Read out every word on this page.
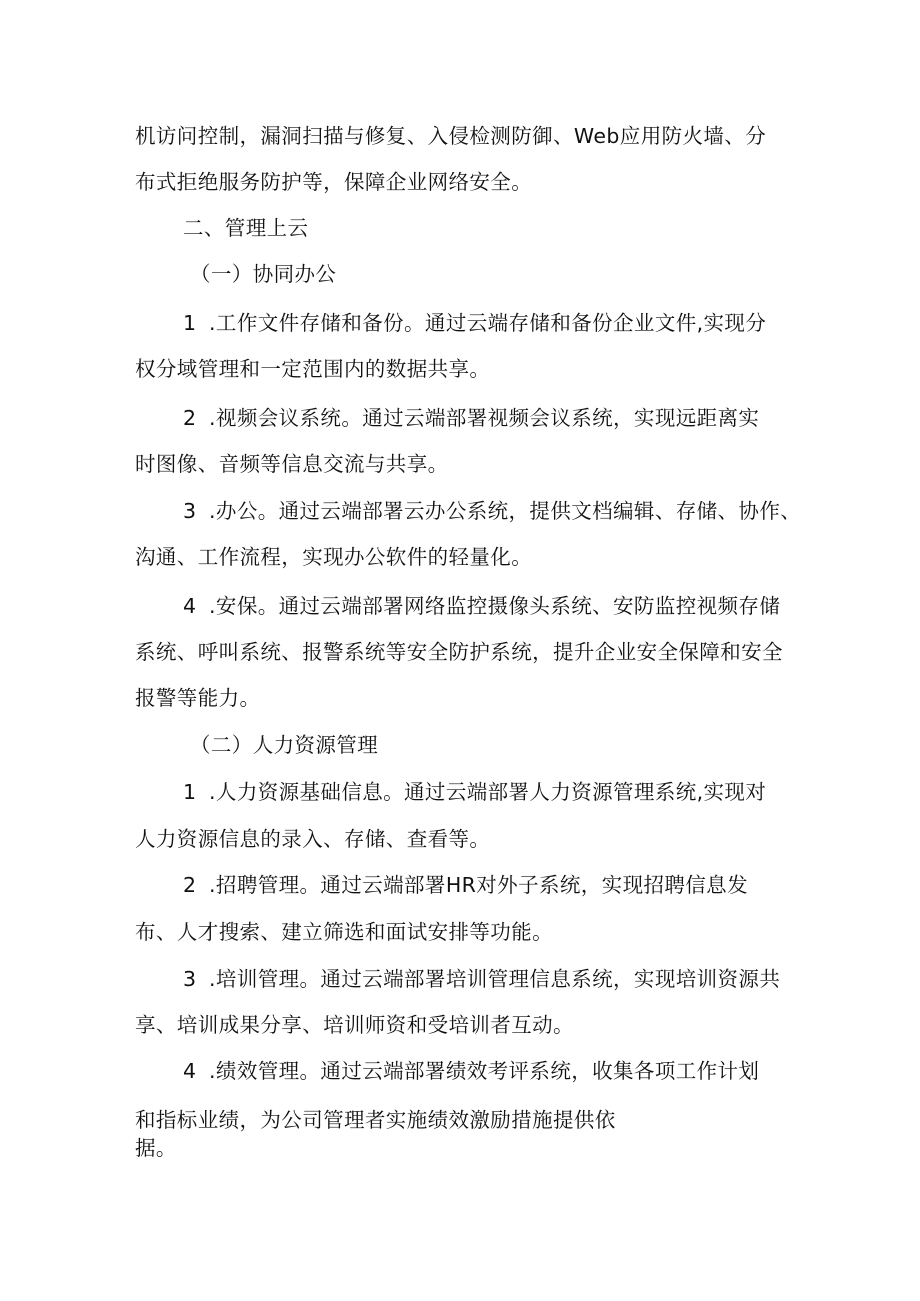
机访问控制，漏洞扫描与修复、入侵检测防御、Web应用防火墙、分
布式拒绝服务防护等，保障企业网络安全。
二、管理上云
（一）协同办公
1 .工作文件存储和备份。通过云端存储和备份企业文件,实现分
权分域管理和一定范围内的数据共享。
2 .视频会议系统。通过云端部署视频会议系统，实现远距离实
时图像、音频等信息交流与共享。
3 .办公。通过云端部署云办公系统，提供文档编辑、存储、协作、
沟通、工作流程，实现办公软件的轻量化。
4 .安保。通过云端部署网络监控摄像头系统、安防监控视频存储
系统、呼叫系统、报警系统等安全防护系统，提升企业安全保障和安全
报警等能力。
（二）人力资源管理
1 .人力资源基础信息。通过云端部署人力资源管理系统,实现对
人力资源信息的录入、存储、查看等。
2 .招聘管理。通过云端部署HR对外子系统，实现招聘信息发
布、人才搜索、建立筛选和面试安排等功能。
3 .培训管理。通过云端部署培训管理信息系统，实现培训资源共
享、培训成果分享、培训师资和受培训者互动。
4 .绩效管理。通过云端部署绩效考评系统，收集各项工作计划
和指标业绩，为公司管理者实施绩效激励措施提供依
据。
